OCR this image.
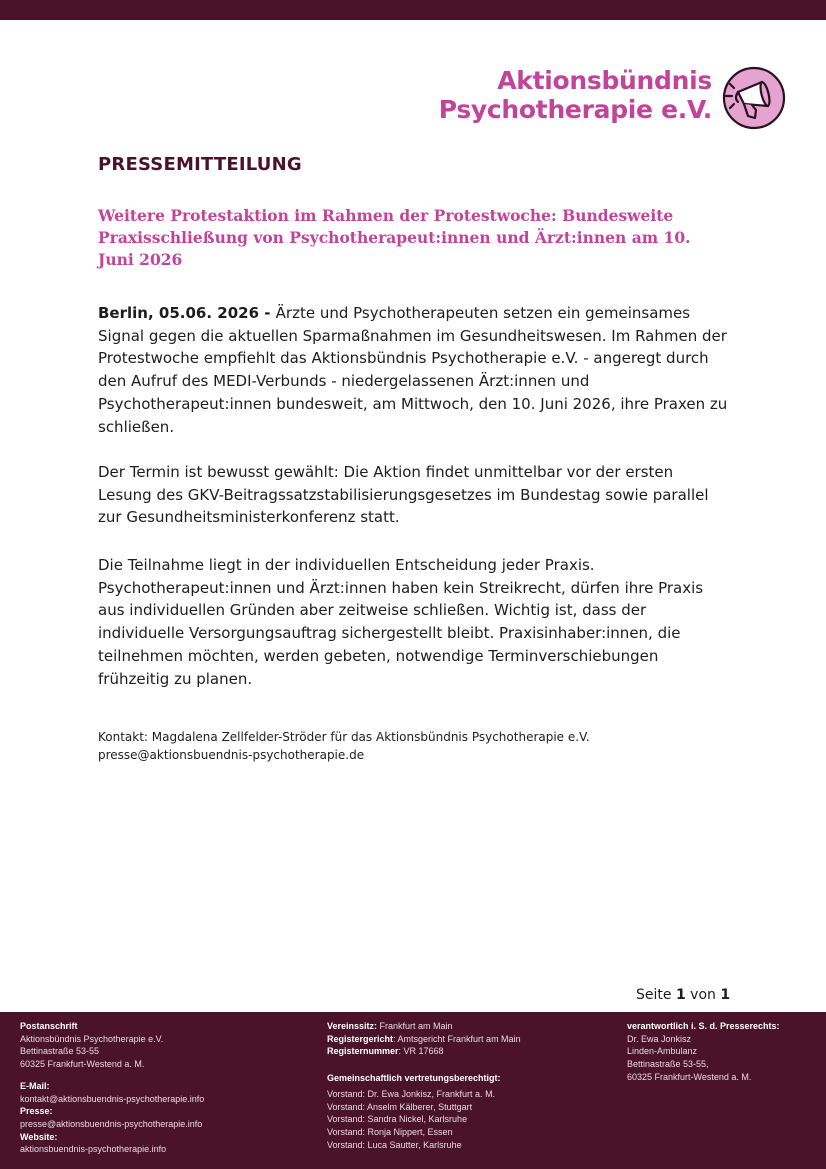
Aktionsbündnis
Psychotherapie e.V.
PRESSEMITTEILUNG
Weitere Protestaktion im Rahmen der Protestwoche: Bundesweite Praxisschließung von Psychotherapeut:innen und Ärzt:innen am 10. Juni 2026

Berlin, 05.06. 2026 - Ärzte und Psychotherapeuten setzen ein gemeinsames Signal gegen die aktuellen Sparmaßnahmen im Gesundheitswesen. Im Rahmen der Protestwoche empfiehlt das Aktionsbündnis Psychotherapie e.V. - angeregt durch den Aufruf des MEDI-Verbunds - niedergelassenen Ärzt:innen und Psychotherapeut:innen bundesweit, am Mittwoch, den 10. Juni 2026, ihre Praxen zu schließen.

Der Termin ist bewusst gewählt: Die Aktion findet unmittelbar vor der ersten Lesung des GKV-Beitragssatzstabilisierungsgesetzes im Bundestag sowie parallel zur Gesundheitsministerkonferenz statt.

Die Teilnahme liegt in der individuellen Entscheidung jeder Praxis. Psychotherapeut:innen und Ärzt:innen haben kein Streikrecht, dürfen ihre Praxis aus individuellen Gründen aber zeitweise schließen. Wichtig ist, dass der individuelle Versorgungsauftrag sichergestellt bleibt. Praxisinhaber:innen, die teilnehmen möchten, werden gebeten, notwendige Terminverschiebungen frühzeitig zu planen.

Kontakt: Magdalena Zellfelder-Ströder für das Aktionsbündnis Psychotherapie e.V.
presse@aktionsbuendnis-psychotherapie.de
Seite 1 von 1
Postanschrift
Aktionsbündnis Psychotherapie e.V.
Bettinastraße 53-55
60325 Frankfurt-Westend a. M.
E-Mail:
kontakt@aktionsbuendnis-psychotherapie.info
Presse:
presse@aktionsbuendnis-psychotherapie.info
Website:
aktionsbuendnis-psychotherapie.info
Vereinssitz: Frankfurt am Main
Registergericht: Amtsgericht Frankfurt am Main
Registernummer: VR 17668
Gemeinschaftlich vertretungsberechtigt:
Vorstand: Dr. Ewa Jonkisz, Frankfurt a. M.
Vorstand: Anselm Kälberer, Stuttgart
Vorstand: Sandra Nickel, Karlsruhe
Vorstand: Ronja Nippert, Essen
Vorstand: Luca Sautter, Karlsruhe
verantwortlich i. S. d. Presserechts:
Dr. Ewa Jonkisz
Linden-Ambulanz
Bettinastraße 53-55,
60325 Frankfurt-Westend a. M.
